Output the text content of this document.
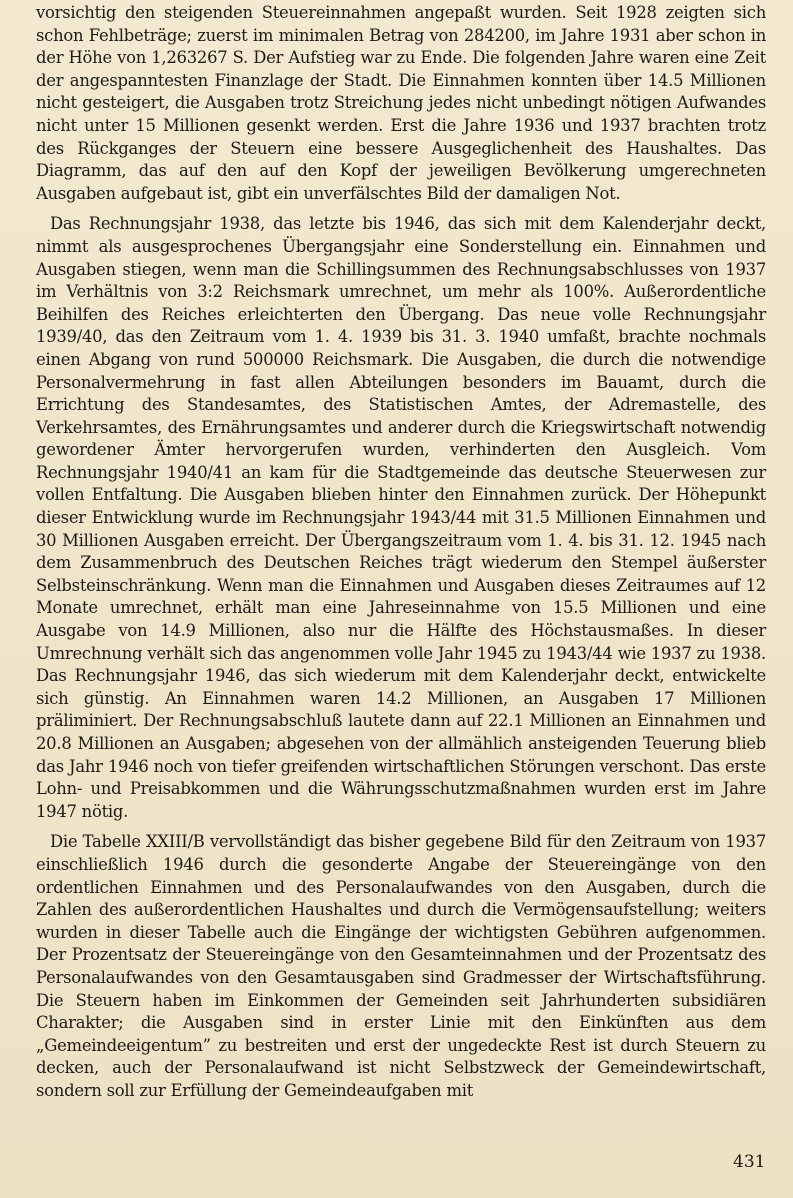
vorsichtig den steigenden Steuereinnahmen angepaßt wurden. Seit 1928 zeigten sich schon Fehlbeträge; zuerst im minimalen Betrag von 284200, im Jahre 1931 aber schon in der Höhe von 1,263267 S. Der Aufstieg war zu Ende. Die folgenden Jahre waren eine Zeit der angespanntesten Finanzlage der Stadt. Die Einnahmen konnten über 14.5 Millionen nicht gesteigert, die Ausgaben trotz Streichung jedes nicht unbedingt nötigen Aufwandes nicht unter 15 Millionen gesenkt werden. Erst die Jahre 1936 und 1937 brachten trotz des Rückganges der Steuern eine bessere Ausgeglichenheit des Haushaltes. Das Diagramm, das auf den auf den Kopf der jeweiligen Bevölkerung umgerechneten Ausgaben aufgebaut ist, gibt ein unverfälschtes Bild der damaligen Not.

Das Rechnungsjahr 1938, das letzte bis 1946, das sich mit dem Kalenderjahr deckt, nimmt als ausgesprochenes Übergangsjahr eine Sonderstellung ein. Einnahmen und Ausgaben stiegen, wenn man die Schillingsummen des Rechnungsabschlusses von 1937 im Verhältnis von 3:2 Reichsmark umrechnet, um mehr als 100%. Außerordentliche Beihilfen des Reiches erleichterten den Übergang. Das neue volle Rechnungsjahr 1939/40, das den Zeitraum vom 1. 4. 1939 bis 31. 3. 1940 umfaßt, brachte nochmals einen Abgang von rund 500000 Reichsmark. Die Ausgaben, die durch die notwendige Personalvermehrung in fast allen Abteilungen besonders im Bauamt, durch die Errichtung des Standesamtes, des Statistischen Amtes, der Adremastelle, des Verkehrsamtes, des Ernährungsamtes und anderer durch die Kriegswirtschaft notwendig gewordener Ämter hervorgerufen wurden, verhinderten den Ausgleich. Vom Rechnungsjahr 1940/41 an kam für die Stadtgemeinde das deutsche Steuerwesen zur vollen Entfaltung. Die Ausgaben blieben hinter den Einnahmen zurück. Der Höhepunkt dieser Entwicklung wurde im Rechnungsjahr 1943/44 mit 31.5 Millionen Einnahmen und 30 Millionen Ausgaben erreicht. Der Übergangszeitraum vom 1. 4. bis 31. 12. 1945 nach dem Zusammenbruch des Deutschen Reiches trägt wiederum den Stempel äußerster Selbsteinschränkung. Wenn man die Einnahmen und Ausgaben dieses Zeitraumes auf 12 Monate umrechnet, erhält man eine Jahreseinnahme von 15.5 Millionen und eine Ausgabe von 14.9 Millionen, also nur die Hälfte des Höchstausmaßes. In dieser Umrechnung verhält sich das angenommen volle Jahr 1945 zu 1943/44 wie 1937 zu 1938. Das Rechnungsjahr 1946, das sich wiederum mit dem Kalenderjahr deckt, entwickelte sich günstig. An Einnahmen waren 14.2 Millionen, an Ausgaben 17 Millionen präliminiert. Der Rechnungsabschluß lautete dann auf 22.1 Millionen an Einnahmen und 20.8 Millionen an Ausgaben; abgesehen von der allmählich ansteigenden Teuerung blieb das Jahr 1946 noch von tiefer greifenden wirtschaftlichen Störungen verschont. Das erste Lohn- und Preisabkommen und die Währungsschutzmaßnahmen wurden erst im Jahre 1947 nötig.

Die Tabelle XXIII/B vervollständigt das bisher gegebene Bild für den Zeitraum von 1937 einschließlich 1946 durch die gesonderte Angabe der Steuereingänge von den ordentlichen Einnahmen und des Personalaufwandes von den Ausgaben, durch die Zahlen des außerordentlichen Haushaltes und durch die Vermögensaufstellung; weiters wurden in dieser Tabelle auch die Eingänge der wichtigsten Gebühren aufgenommen. Der Prozentsatz der Steuereingänge von den Gesamteinnahmen und der Prozentsatz des Personalaufwandes von den Gesamtausgaben sind Gradmesser der Wirtschaftsführung. Die Steuern haben im Einkommen der Gemeinden seit Jahrhunderten subsidiären Charakter; die Ausgaben sind in erster Linie mit den Einkünften aus dem „Gemeindeeigentum” zu bestreiten und erst der ungedeckte Rest ist durch Steuern zu decken, auch der Personalaufwand ist nicht Selbstzweck der Gemeindewirtschaft, sondern soll zur Erfüllung der Gemeindeaufgaben mit

431
